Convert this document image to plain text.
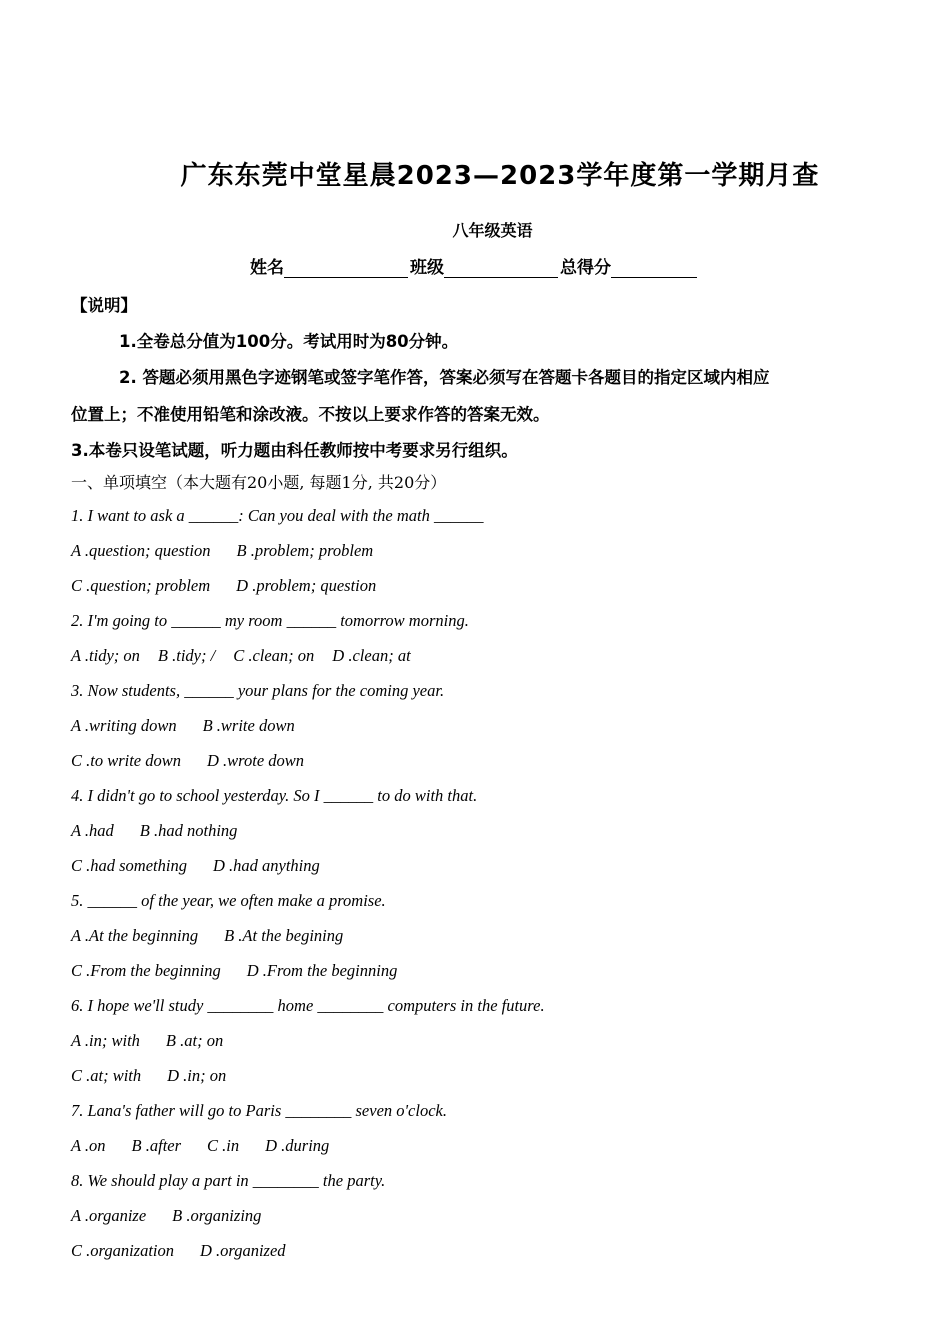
广东东莞中堂星晨2023—2023学年度第一学期月查
八年级英语
姓名	班级	总得分
【说明】
1.全卷总分值为100分。考试用时为80分钟。
2. 答题必须用黑色字迹钢笔或签字笔作答，答案必须写在答题卡各题目的指定区域内相应
位置上；不准使用铅笔和涂改液。不按以上要求作答的答案无效。
3.本卷只设笔试题，听力题由科任教师按中考要求另行组织。
一、单项填空（本大题有20小题, 每题1分, 共20分）
1. I want to ask a ______: Can you deal with the math ______
A .question; question B .problem; problem
C .question; problem D .problem; question
2. I'm going to ______ my room ______ tomorrow morning.
A .tidy; on B .tidy; / C .clean; on D .clean; at
3. Now students, ______ your plans for the coming year.
A .writing down B .write down
C .to write down D .wrote down
4. I didn't go to school yesterday. So I ______ to do with that.
A .had B .had nothing
C .had something D .had anything
5. ______ of the year, we often make a promise.
A .At the beginning B .At the begining
C .From the beginning D .From the beginning
6. I hope we'll study ________ home ________ computers in the future.
A .in; with B .at; on
C .at; with D .in; on
7. Lana's father will go to Paris ________ seven o'clock.
A .on B .after C .in D .during
8. We should play a part in ________ the party.
A .organize B .organizing
C .organization D .organized
